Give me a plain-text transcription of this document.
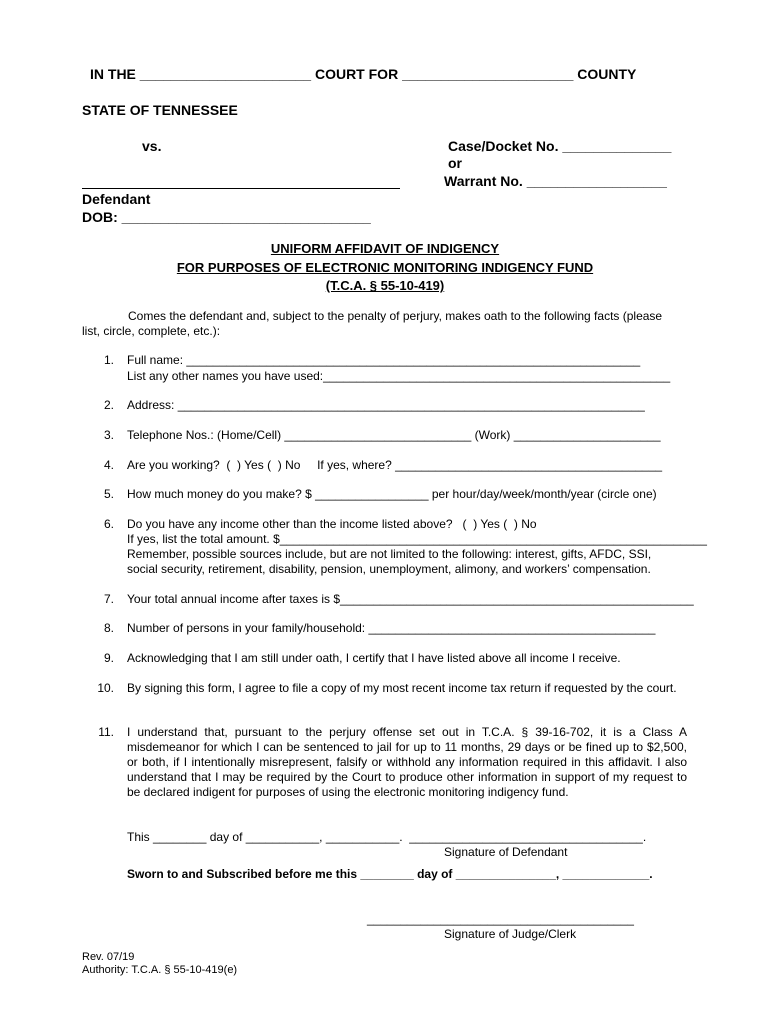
IN THE ______________________ COURT FOR ______________________ COUNTY
STATE OF TENNESSEE
vs.	Case/Docket No. ______________
or
Warrant No. __________________
Defendant
DOB: ________________________________
UNIFORM AFFIDAVIT OF INDIGENCY
FOR PURPOSES OF ELECTRONIC MONITORING INDIGENCY FUND
(T.C.A. § 55-10-419)
Comes the defendant and, subject to the penalty of perjury, makes oath to the following facts (please
list, circle, complete, etc.):
1. Full name: ____________________________________________________________________
List any other names you have used:____________________________________________________
2. Address: ______________________________________________________________________
3. Telephone Nos.: (Home/Cell) ____________________________ (Work) ______________________
4. Are you working?  (  ) Yes (  ) No     If yes, where? ________________________________________
5. How much money do you make? $ _________________ per hour/day/week/month/year (circle one)
6. Do you have any income other than the income listed above?   (  ) Yes (  ) No
If yes, list the total amount. $________________________________________________________________
Remember, possible sources include, but are not limited to the following: interest, gifts, AFDC, SSI,
social security, retirement, disability, pension, unemployment, alimony, and workers’ compensation.
7. Your total annual income after taxes is $_____________________________________________________
8. Number of persons in your family/household: ___________________________________________
9. Acknowledging that I am still under oath, I certify that I have listed above all income I receive.
10. By signing this form, I agree to file a copy of my most recent income tax return if requested by the court.
11. I understand that, pursuant to the perjury offense set out in T.C.A. § 39-16-702, it is a Class A misdemeanor for which I can be sentenced to jail for up to 11 months, 29 days or be fined up to $2,500, or both, if I intentionally misrepresent, falsify or withhold any information required in this affidavit. I also understand that I may be required by the Court to produce other information in support of my request to be declared indigent for purposes of using the electronic monitoring indigency fund.
This ________ day of ___________, ___________.  ___________________________________.
Signature of Defendant
Sworn to and Subscribed before me this ________ day of _______________, _____________.
________________________________________
Signature of Judge/Clerk
Rev. 07/19
Authority: T.C.A. § 55-10-419(e)
